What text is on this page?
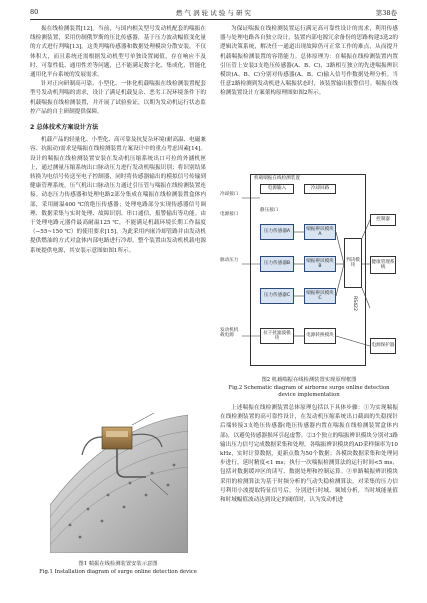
80	燃 气 涡 轮 试 验 与 研 究	第38卷

振在线检测装置[12]。当前，与国内相关型号发动机配套的喘振在线检测装置，采用仿制俄罗斯的压比传感器，基于压力波动幅值变化量的方式进行判喘[13]。这类判喘传感器和数据处理模块分散安装，不仅体积大，而且系统还需根据发动机型号单独设置阈值，存在响应不及时、可靠性低、通用性差等问题，已不能满足数字化、集成化、智能化通用化平台系统的发展需求。

针对正向研制高可靠、小型化、一体化机载喘振在线检测装置配套型号发动机判喘的需求，设计了满足机载复杂、恶劣工况环境条件下的机载喘振在线检测装置，并开展了试验验证，以期为发动机运行状态监控产品的自主研制提供保障。

2 总体技术方案设计方法

机载产品的轻量化、小型化、高可靠及抗复杂环境(耐高温、电磁兼容、抗振动)需求是喘振在线检测装置方案设计中的重点考虑因素[14]。设计的喘振在线检测装置安装在发动机压缩系统出口可拉的外涵机匣上，通过测量压缩系统出口脉动压力进行发动机喘振识别；将识别结果转换为电信号传送至电子控制器，同时将传感器输出的模拟信号传输到健康管理系统。压气机出口脉动压力通过引压管与喘振在线检测装置连接。动态压力传感器和处理电路2部分集成在喘振在线检测装置盒体内部，采用耐温400 ℃的绝压传感器；处理电路部分实现传感器信号调理、数据采集与实时处理、故障识别、串口通信、报警输出等功能。由于处理电路元器件最高耐温125 ℃，不能满足机载环境长期工作温度（−55~150 ℃）的使用要求[15]，为此采用内嵌冷却管路并由发动机提供燃油的方式对盒体内部电路进行冷却。整个装置由发动机机载电源系统提供电源，其安装示意图如图1所示。

图1 喘振在线检测装置安装示意图
Fig.1 Installation diagram of surge online detection device

为保证喘振在线检测装置运行满足高可靠性设计的需求，利用传感器与处理电路各自独立设计，装置内部电源冗余备份的思路构建3选2的逻辑决策系统，解决任一通道出现故障仍可正常工作的难点，从而提升机载喘振检测装置的容错能力。总体原理为：在喘振在线检测装置内置引压管上安装3支绝压传感器(A、B、C)，3路相互独立的先进喘振辨识模块(A、B、C)分别对传感器(A、B、C)输入信号作数据处理分析。当任意2路检测到发动机进入喘振状态时，该装置输出报警信号。喘振在线检测装置设计方案架构原理图如图2所示。

机载喘振在线检测装置
冷却接口
电源接口
脉动压力
发动机机载电源
电源输入	冷却回路
静压接口
压力传感器A
压力传感器B
压力传感器C
喘振辨识模块A
喘振辨识模块B
喘振辨识模块C
判决模块
RS422
抗干扰滤波模块
电源转换模块
控制器
健康管理系统
电源保护器
图2 机载喘振在线检测装置实现原理框图
Fig.2 Schematic diagram of airborne surge online detection device implementation

上述喘振在线检测装置总体原理包括以下具体步骤：①为实现喘振在线检测装置的高可靠性设计，在发动机压缩系统出口截面的失稳探针后端转接3支绝压传感器(绝压传感器内置在喘振在线检测装置盒体内部)，以避免传感器损坏引起虚警。②3个独立的喘振辨识模块分别对3路输出压力信号完成数据采集和处理，各喘振辨识模块的AD采样频率为10 kHz，实时计算数据，更新点数为50个数据；各模块数据采集和处理同步进行，延时精度<1 ms；执行一次喘振检测算法的运行时间<5 ms，包括对数据缓冲区的读写、数据处理和控制运算。③单路喘振辨识模块采用的检测算法为基于时频分析的气动失稳检测算法，对采集的压力信号利用小波提取特征信号后，分别进行时域、频域分析，当时域能量值和时域幅值波动达到设定的阈值时，认为发动机进
